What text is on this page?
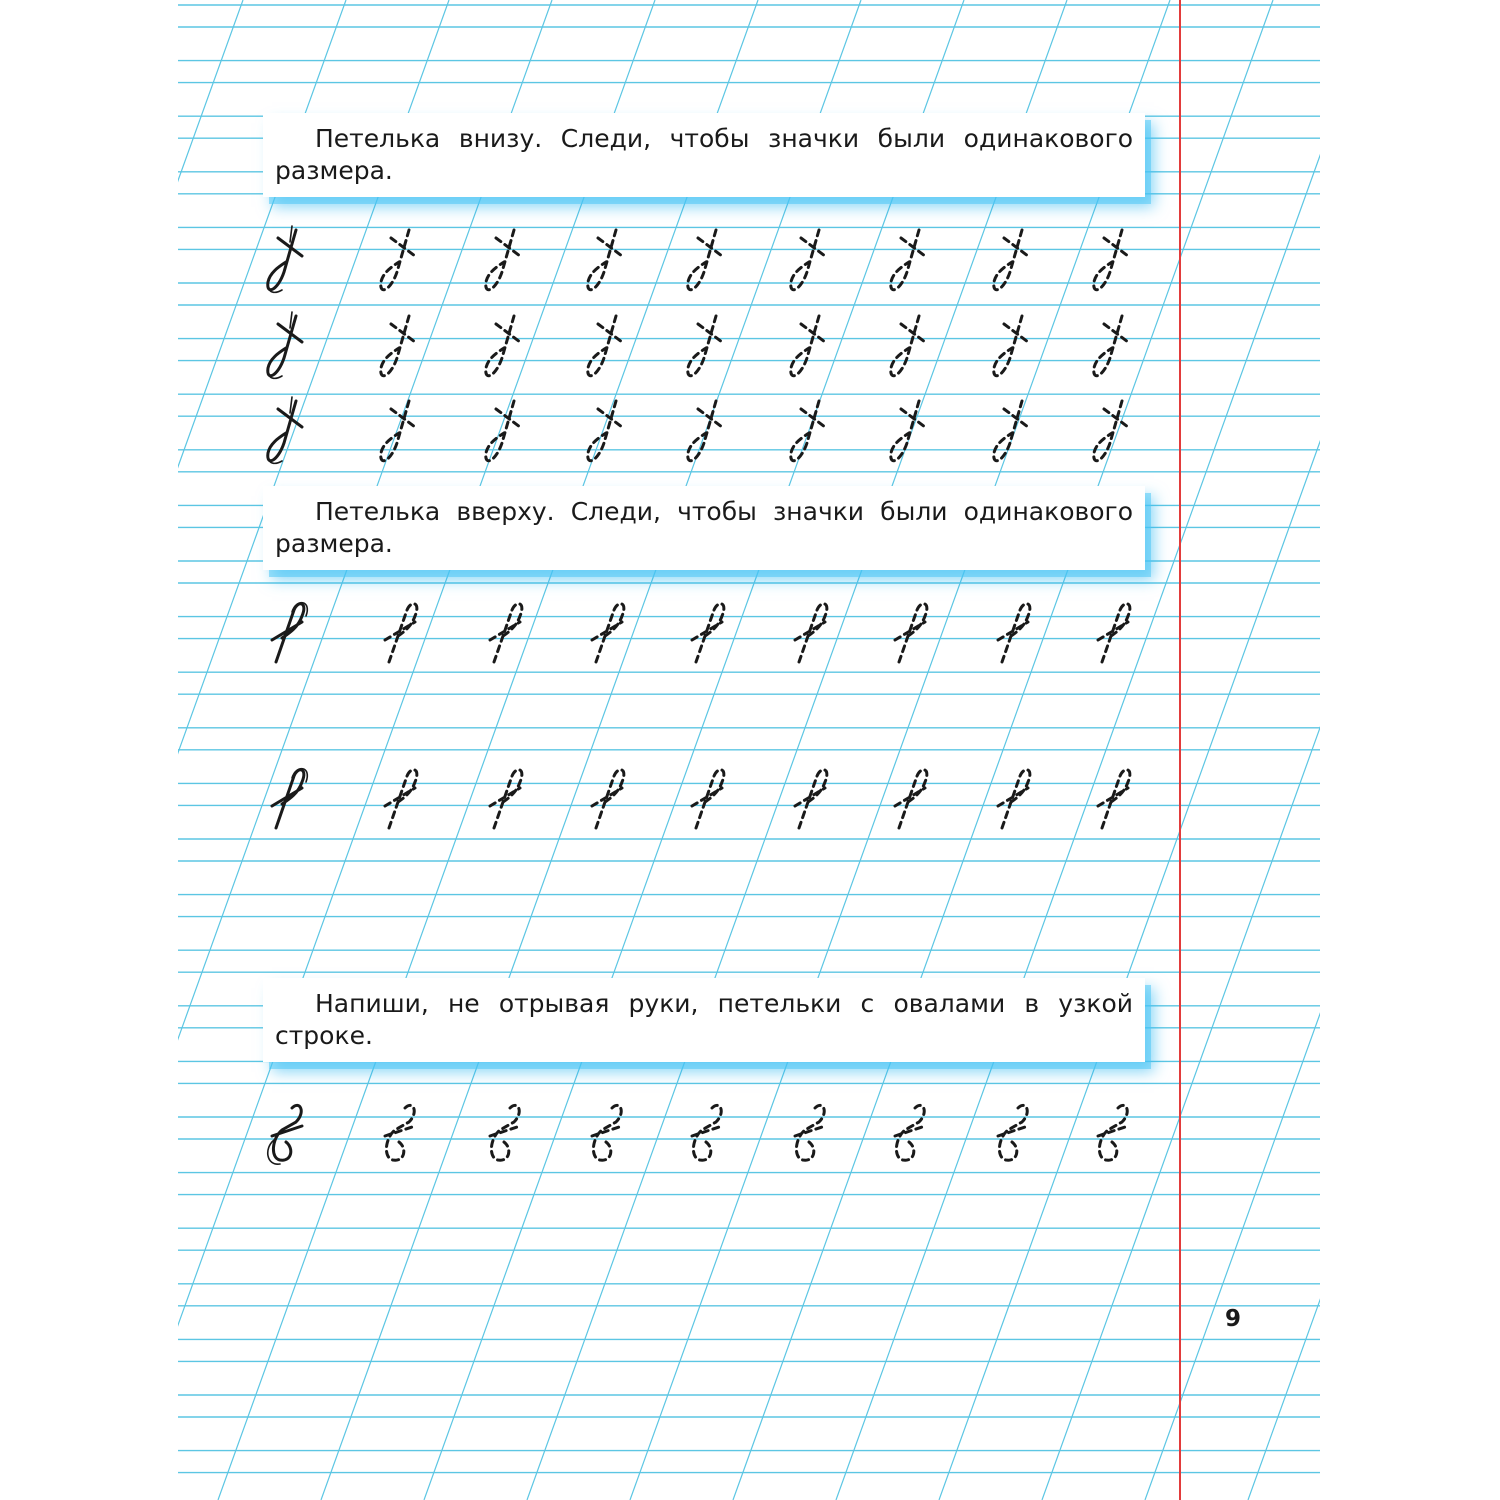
Петелька внизу. Следи, чтобы значки были одинакового размера.
Петелька вверху. Следи, чтобы значки были одинакового размера.
Напиши, не отрывая руки, петельки с овалами в узкой строке.
9
